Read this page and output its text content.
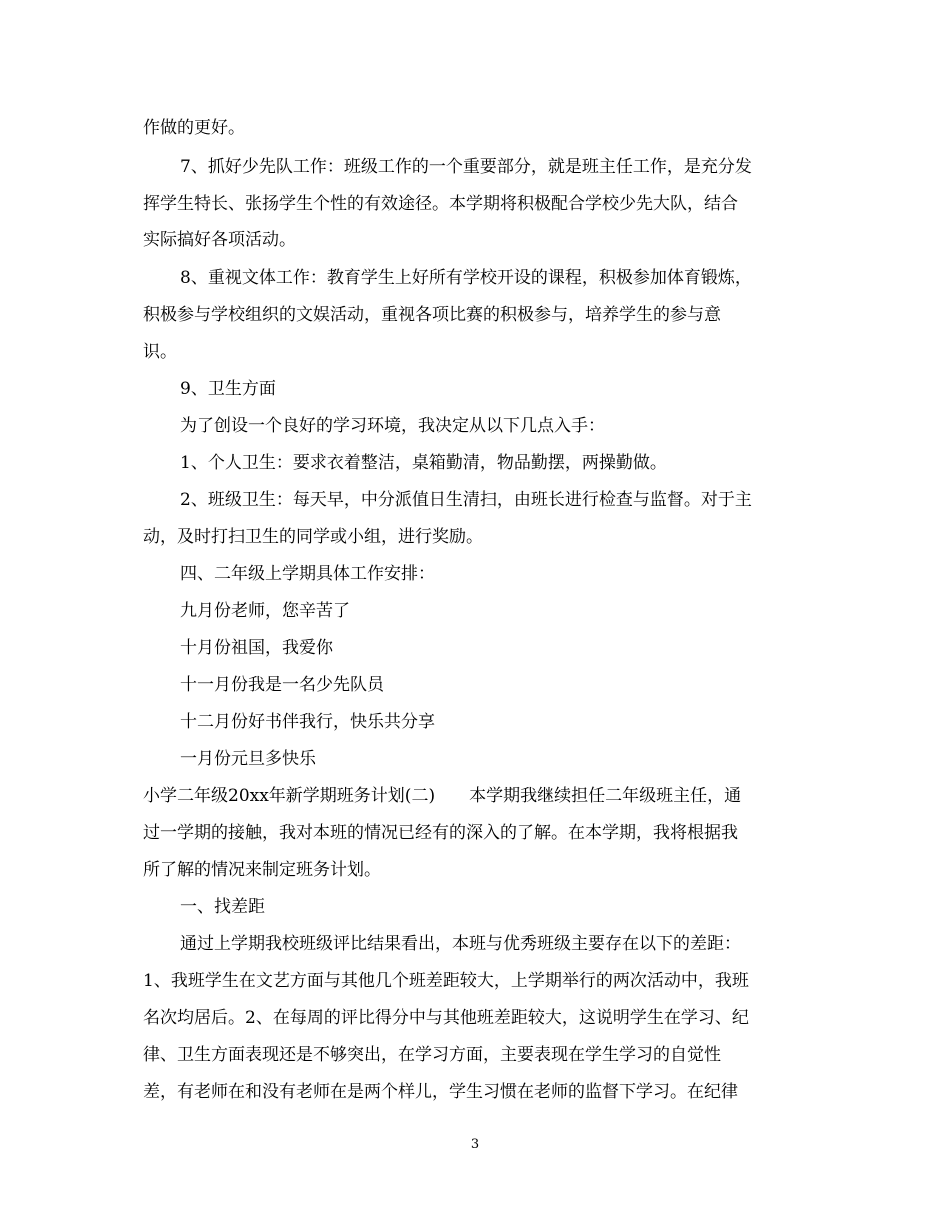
作做的更好。

7、抓好少先队工作：班级工作的一个重要部分，就是班主任工作，是充分发

挥学生特长、张扬学生个性的有效途径。本学期将积极配合学校少先大队，结合

实际搞好各项活动。

8、重视文体工作：教育学生上好所有学校开设的课程，积极参加体育锻炼，

积极参与学校组织的文娱活动，重视各项比赛的积极参与，培养学生的参与意

识。

9、卫生方面

为了创设一个良好的学习环境，我决定从以下几点入手：

1、个人卫生：要求衣着整洁，桌箱勤清，物品勤摆，两操勤做。

2、班级卫生：每天早，中分派值日生清扫，由班长进行检查与监督。对于主

动，及时打扫卫生的同学或小组，进行奖励。

四、二年级上学期具体工作安排：

九月份老师，您辛苦了

十月份祖国，我爱你

十一月份我是一名少先队员

十二月份好书伴我行，快乐共分享

一月份元旦多快乐

小学二年级20xx年新学期班务计划(二)　　本学期我继续担任二年级班主任，通

过一学期的接触，我对本班的情况已经有的深入的了解。在本学期，我将根据我

所了解的情况来制定班务计划。

一、找差距

通过上学期我校班级评比结果看出，本班与优秀班级主要存在以下的差距：

1、我班学生在文艺方面与其他几个班差距较大，上学期举行的两次活动中，我班

名次均居后。2、在每周的评比得分中与其他班差距较大，这说明学生在学习、纪

律、卫生方面表现还是不够突出，在学习方面，主要表现在学生学习的自觉性

差，有老师在和没有老师在是两个样儿，学生习惯在老师的监督下学习。在纪律

3
